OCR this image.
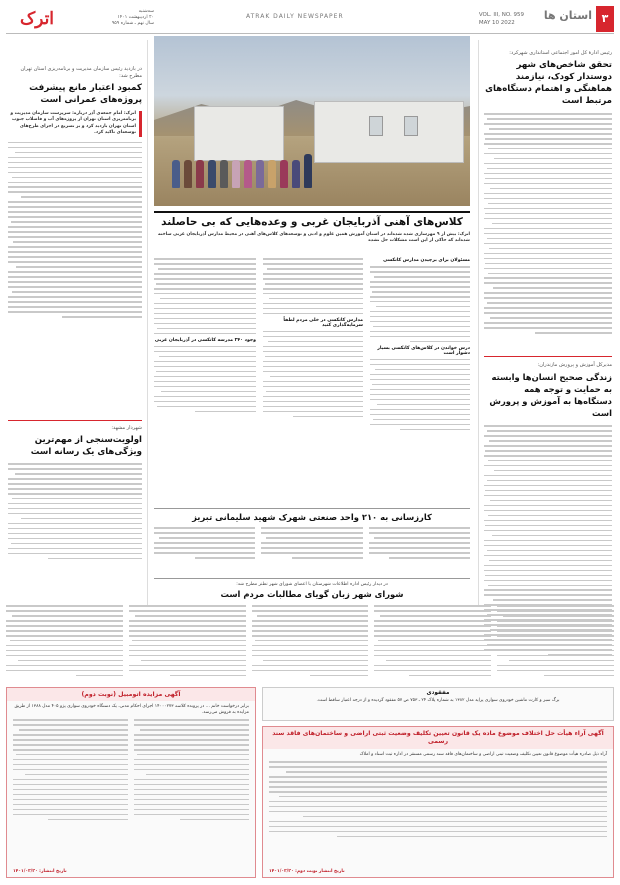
۳
استان ها
VOL. III, NO. 959
MAY 10 2022
ATRAK DAILY NEWSPAPER
سه‌شنبه
۲۰ اردیبهشت ۱۴۰۱
سال نهم ـ شماره ۹۵۹
اترک
رئیس ادارۀ کل امور اجتماعی استانداری شهرکرد:
تحقق شاخص‌های شهر دوستدار کودک، نیازمند هماهنگی و اهتمام دستگاه‌های مرتبط است
مدیرکل آموزش و پرورش مازندران:
زندگی صحیح انسان‌ها وابسته به حمایت و توجه همه دستگاه‌ها به آموزش و پرورش است
کلاس‌های آهنی آذربایجان غربی و وعده‌هایی که بی حاصلند
اترک: بیش از ۹ مهرسازی شده شده‌اند در استان آموزش همین علوم و ادبی و توسعه‌های کلاس‌های آهنی در محیط مدارس آذربایجان غربی ساخته شده‌اند که حاکی از این است مشکلات حل نشده
مسئولان برای برچیدن مدارس کانکسی
درس خواندن در کلاس‌های کانکسی بسیار دشوار است
مدارس کانکسی در خلی مردم لطفاً سرمایه‌گذاری کنید
وجود ۲۴۰ مدرسه کانکسی در آذربایجان غربی
کارزسانی به ۲۱۰ واحد صنعتی شهرک شهید سلیمانی تبریز
در دیدار رئیس اداره اطلاعات شهرستان با اعضای شورای شهر نطنز مطرح شد:
شورای شهر زبان گویای مطالبات مردم است
در بازدید رئیس سازمان مدیریت و برنامه‌ریزی استان تهران مطرح شد:
کمبود اعتبار مانع پیشرفت پروژه‌های عمرانی است
اترک: امام جمعه‌ی آذر درباره: سرپرست سازمان مدیریت و برنامه‌ریزی استان تهران از پروژه‌های آب و فاضلاب جنوب استان تهران بازدید کرد و بر تسریع در اجرای طرح‌های توسعه‌ای تاکید کرد.
شهردار مشهد:
اولویت‌سنجی از مهم‌ترین ویژگی‌های یک رسانه است
مفقودی
برگ سبز و کارت ماشین خودروی سواری پراید مدل ۱۳۸۲ به شماره پلاک ۲۴ ـ ۷۵۳ ص ۵۷ مفقود گردیده و از درجه اعتبار ساقط است.
آگهی آراء هیأت حل اختلاف موضوع ماده یک قانون تعیین تکلیف وضعیت ثبتی اراضی و ساختمان‌های فاقد سند رسمی
آراء ذیل صادره هیأت موضوع قانون تعیین تکلیف وضعیت ثبتی اراضی و ساختمان‌های فاقد سند رسمی مستقر در اداره ثبت اسناد و املاک
تاریخ انتشار نوبت دوم: ۱۴۰۱/۰۲/۲۰
آگهی مزایده اتومبیل (نوبت دوم)
برابر درخواست خانم ... در پرونده کلاسه ۱۴۰۰۰۲۷۳ اجرای احکام مدنی، یک دستگاه خودروی سواری پژو ۴۰۵ مدل ۱۳۸۸ از طریق مزایده به فروش می‌رسد.
تاریخ انتشار: ۱۴۰۱/۰۲/۲۰
